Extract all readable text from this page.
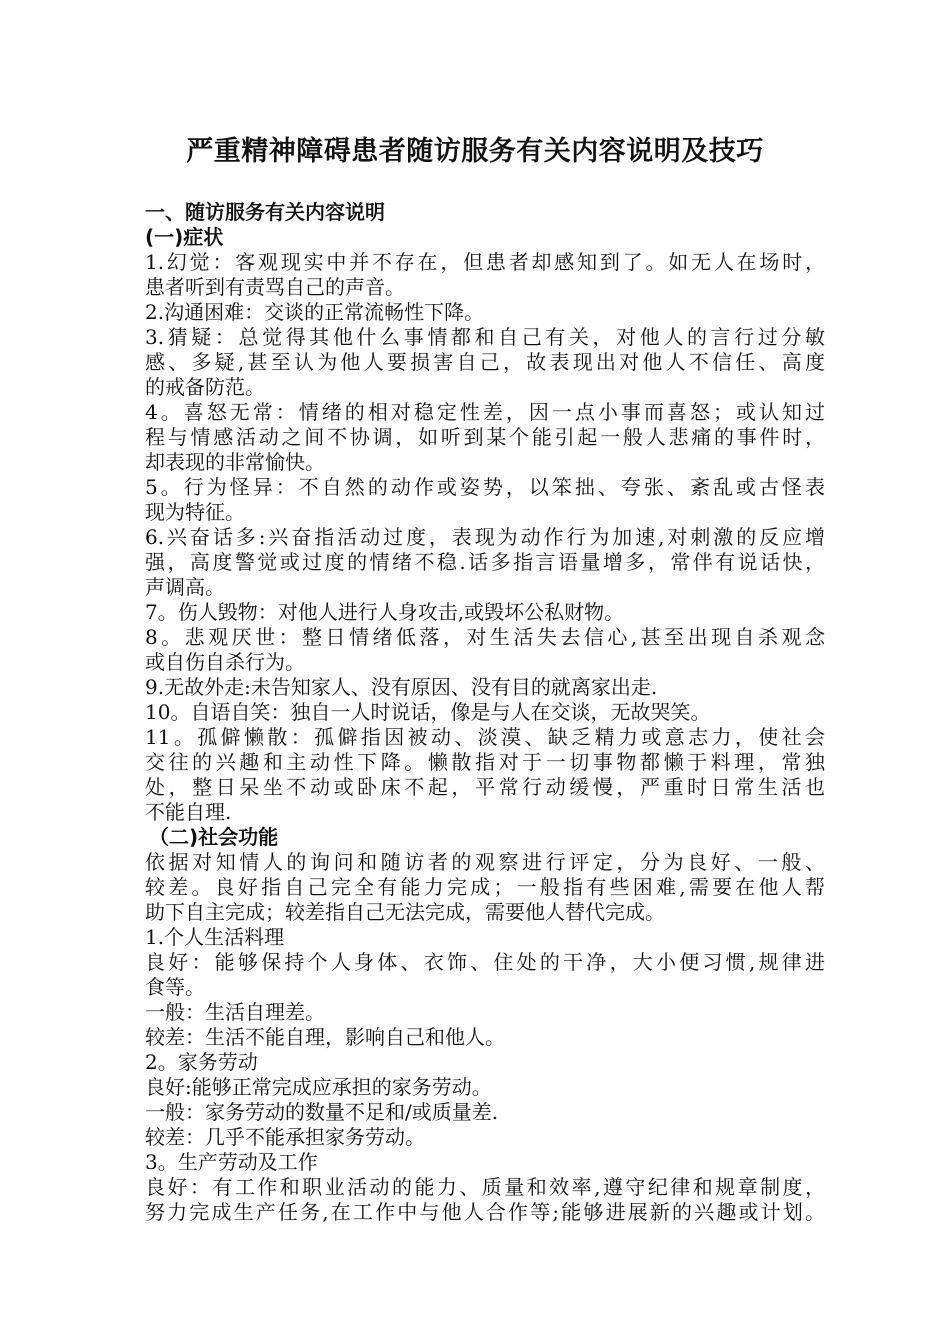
严重精神障碍患者随访服务有关内容说明及技巧
一、随访服务有关内容说明
(一)症状
1.幻觉：客观现实中并不存在，但患者却感知到了。如无人在场时，
患者听到有责骂自己的声音。
2.沟通困难：交谈的正常流畅性下降。
3.猜疑：总觉得其他什么事情都和自己有关，对他人的言行过分敏
感、多疑,甚至认为他人要损害自己，故表现出对他人不信任、高度
的戒备防范。
4。喜怒无常：情绪的相对稳定性差，因一点小事而喜怒；或认知过
程与情感活动之间不协调，如听到某个能引起一般人悲痛的事件时，
却表现的非常愉快。
5。行为怪异：不自然的动作或姿势，以笨拙、夸张、紊乱或古怪表
现为特征。
6.兴奋话多:兴奋指活动过度，表现为动作行为加速,对刺激的反应增
强，高度警觉或过度的情绪不稳.话多指言语量增多，常伴有说话快，
声调高。
7。伤人毁物：对他人进行人身攻击,或毁坏公私财物。
8。悲观厌世：整日情绪低落，对生活失去信心,甚至出现自杀观念
或自伤自杀行为。
9.无故外走:未告知家人、没有原因、没有目的就离家出走.
10。自语自笑：独自一人时说话，像是与人在交谈，无故哭笑。
11。孤僻懒散：孤僻指因被动、淡漠、缺乏精力或意志力，使社会
交往的兴趣和主动性下降。懒散指对于一切事物都懒于料理，常独
处，整日呆坐不动或卧床不起，平常行动缓慢，严重时日常生活也
不能自理.
（二)社会功能
依据对知情人的询问和随访者的观察进行评定，分为良好、一般、
较差。良好指自己完全有能力完成；一般指有些困难,需要在他人帮
助下自主完成；较差指自己无法完成，需要他人替代完成。
1.个人生活料理
良好：能够保持个人身体、衣饰、住处的干净，大小便习惯,规律进
食等。
一般：生活自理差。
较差：生活不能自理，影响自己和他人。
2。家务劳动
良好:能够正常完成应承担的家务劳动。
一般：家务劳动的数量不足和/或质量差.
较差：几乎不能承担家务劳动。
3。生产劳动及工作
良好：有工作和职业活动的能力、质量和效率,遵守纪律和规章制度，
努力完成生产任务,在工作中与他人合作等;能够进展新的兴趣或计划。
